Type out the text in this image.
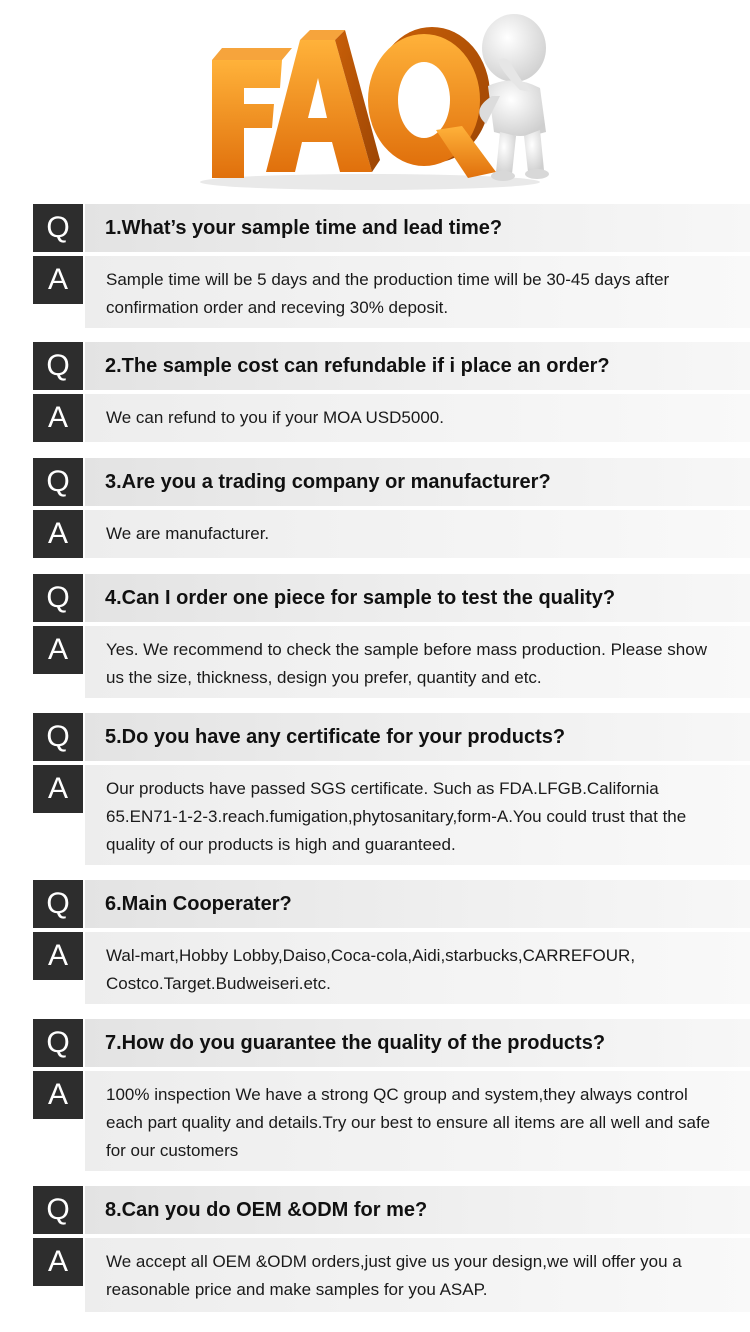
Q	1.What’s your sample time and lead time?
A	Sample time will be 5 days and the production time will be 30-45 days after confirmation order and receving 30% deposit.
Q	2.The sample cost can refundable if i place an order?
A	We can refund to you if your MOA USD5000.
Q	3.Are you a trading company or manufacturer?
A	We are manufacturer.
Q	4.Can I order one piece for sample to test the quality?
A	Yes. We recommend to check the sample before mass production. Please show us the size, thickness, design you prefer, quantity and etc.
Q	5.Do you have any certificate for your products?
A	Our products have passed SGS certificate. Such as FDA.LFGB.California 65.EN71-1-2-3.reach.fumigation,phytosanitary,form-A.You could trust that the quality of our products is high and guaranteed.
Q	6.Main Cooperater?
A	Wal-mart,Hobby Lobby,Daiso,Coca-cola,Aidi,starbucks,CARREFOUR, Costco.Target.Budweiseri.etc.
Q	7.How do you guarantee the quality of the products?
A	100% inspection We have a strong QC group and system,they always control each part quality and details.Try our best to ensure all items are all well and safe for our customers
Q	8.Can you do OEM &ODM for me?
A	We accept all OEM &ODM orders,just give us your design,we will offer you a reasonable price and make samples for you ASAP.
